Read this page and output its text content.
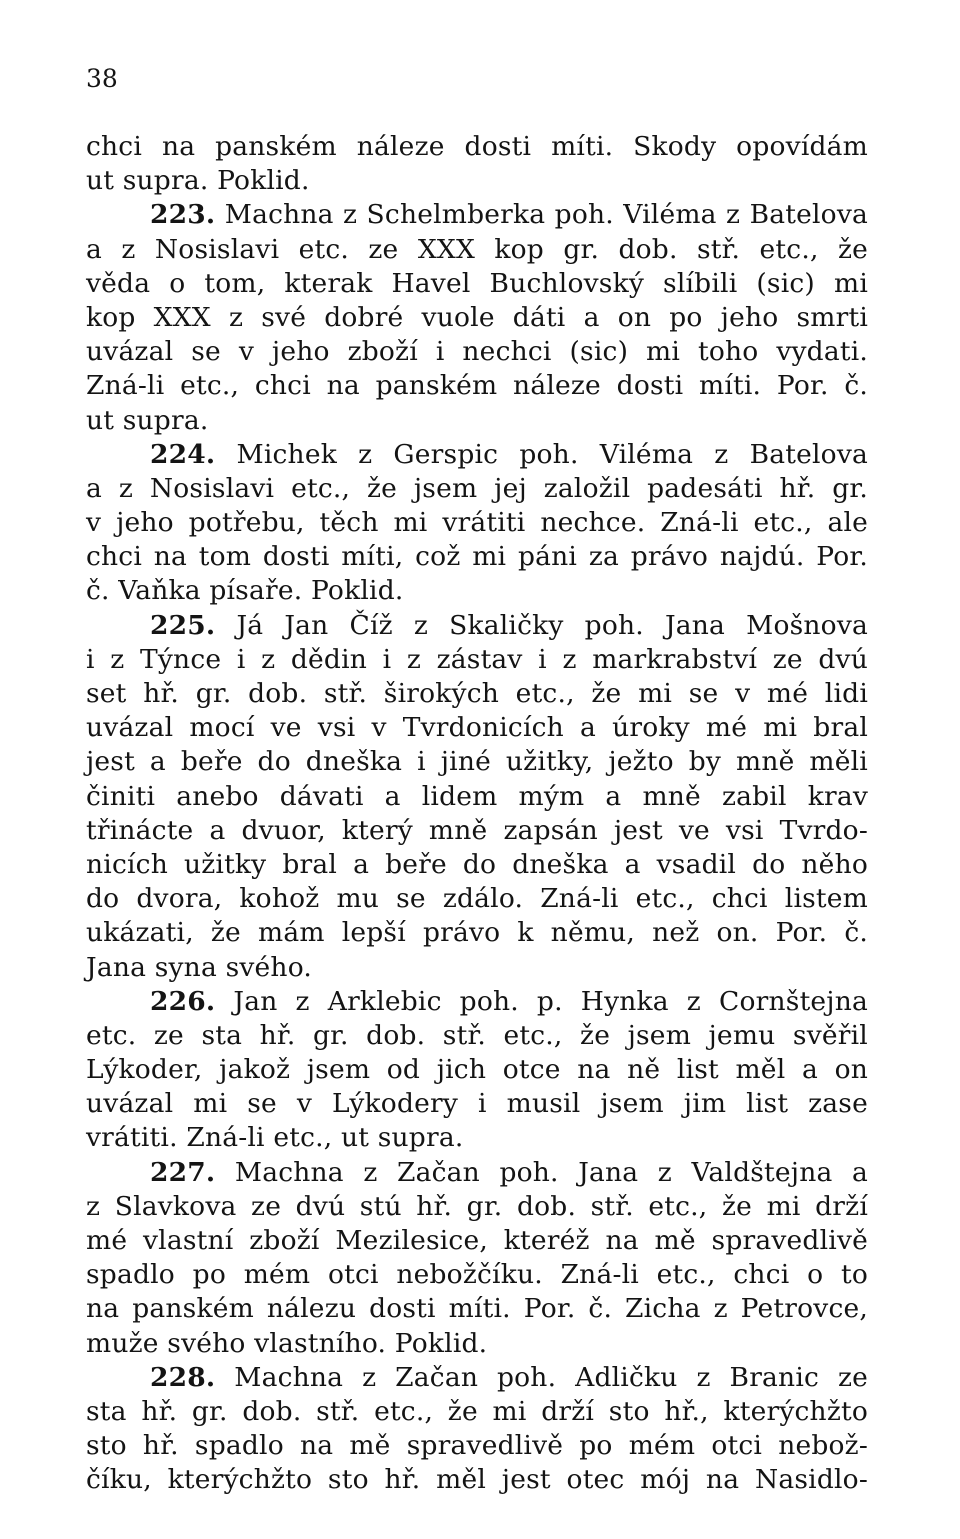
38
chci na panském náleze dosti míti. Skody opovídám
ut supra. Poklid.
223. Machna z Schelmberka poh. Viléma z Batelova
a z Nosislavi etc. ze XXX kop gr. dob. stř. etc., že
věda o tom, kterak Havel Buchlovský slíbili (sic) mi
kop XXX z své dobré vuole dáti a on po jeho smrti
uvázal se v jeho zboží i nechci (sic) mi toho vydati.
Zná-li etc., chci na panském náleze dosti míti. Por. č.
ut supra.
224. Michek z Gerspic poh. Viléma z Batelova
a z Nosislavi etc., že jsem jej založil padesáti hř. gr.
v jeho potřebu, těch mi vrátiti nechce. Zná-li etc., ale
chci na tom dosti míti, což mi páni za právo najdú. Por.
č. Vaňka písaře. Poklid.
225. Já Jan Číž z Skaličky poh. Jana Mošnova
i z Týnce i z dědin i z zástav i z markrabství ze dvú
set hř. gr. dob. stř. širokých etc., že mi se v mé lidi
uvázal mocí ve vsi v Tvrdonicích a úroky mé mi bral
jest a beře do dneška i jiné užitky, ježto by mně měli
činiti anebo dávati a lidem mým a mně zabil krav
třinácte a dvuor, který mně zapsán jest ve vsi Tvrdo-
nicích užitky bral a beře do dneška a vsadil do něho
do dvora, kohož mu se zdálo. Zná-li etc., chci listem
ukázati, že mám lepší právo k němu, než on. Por. č.
Jana syna svého.
226. Jan z Arklebic poh. p. Hynka z Cornštejna
etc. ze sta hř. gr. dob. stř. etc., že jsem jemu svěřil
Lýkoder, jakož jsem od jich otce na ně list měl a on
uvázal mi se v Lýkodery i musil jsem jim list zase
vrátiti. Zná-li etc., ut supra.
227. Machna z Začan poh. Jana z Valdštejna a
z Slavkova ze dvú stú hř. gr. dob. stř. etc., že mi drží
mé vlastní zboží Mezilesice, kteréž na mě spravedlivě
spadlo po mém otci nebožčíku. Zná-li etc., chci o to
na panském nálezu dosti míti. Por. č. Zicha z Petrovce,
muže svého vlastního. Poklid.
228. Machna z Začan poh. Adličku z Branic ze
sta hř. gr. dob. stř. etc., že mi drží sto hř., kterýchžto
sto hř. spadlo na mě spravedlivě po mém otci nebož-
číku, kterýchžto sto hř. měl jest otec mój na Nasidlo-
